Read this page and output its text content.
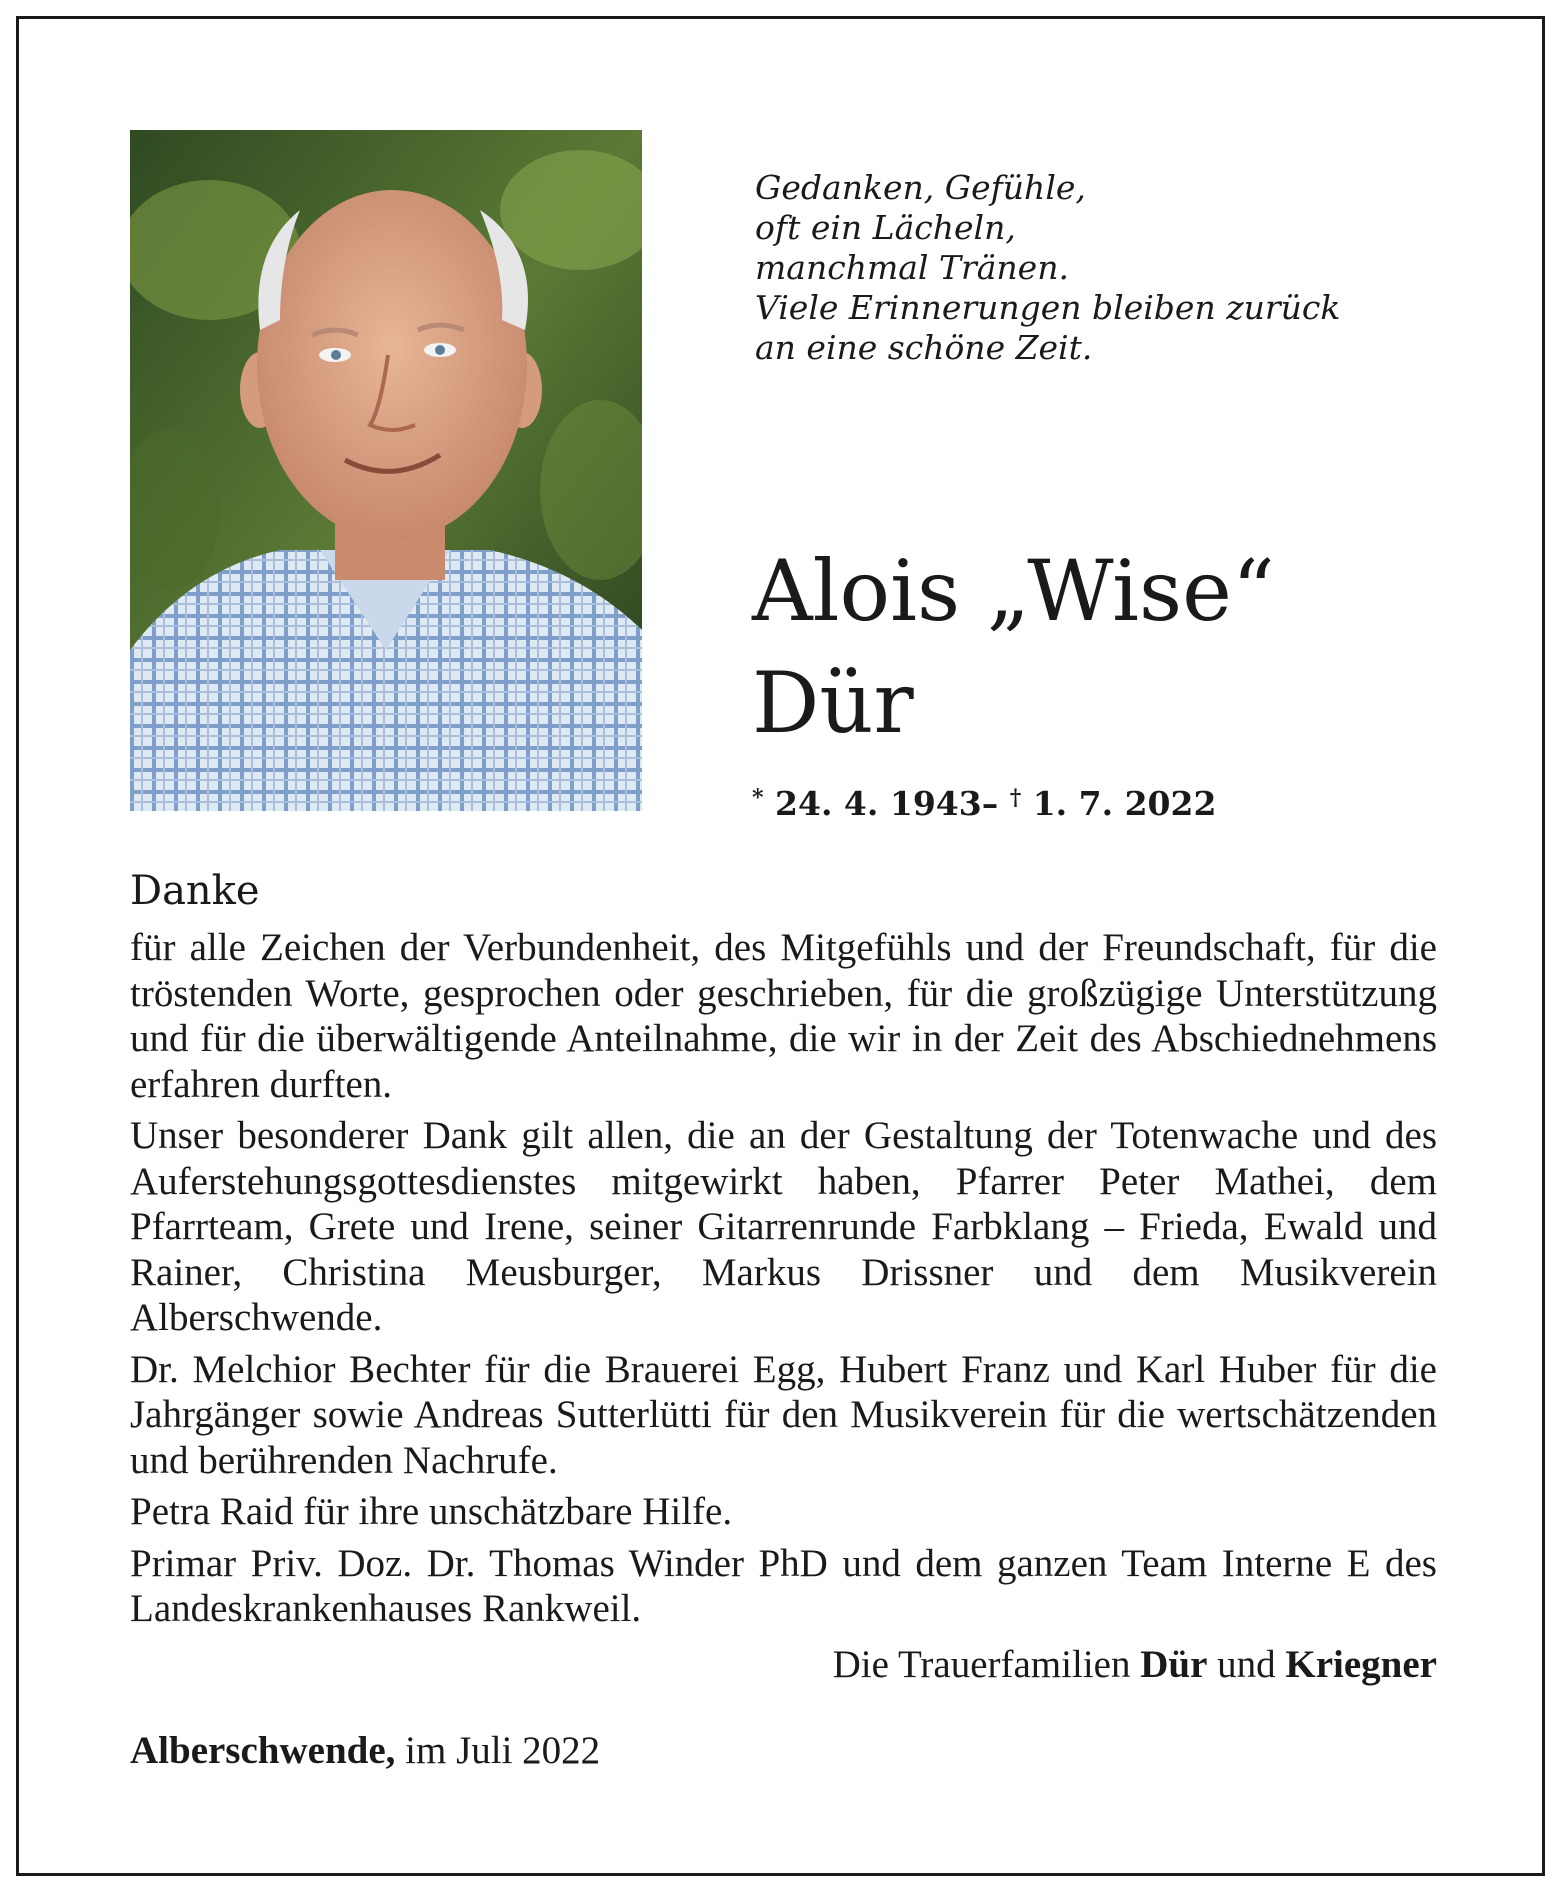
Gedanken, Gefühle,
oft ein Lächeln,
manchmal Tränen.
Viele Erinnerungen bleiben zurück
an eine schöne Zeit.
Alois „Wise“
Dür
* 24. 4. 1943– † 1. 7. 2022
Danke

für alle Zeichen der Verbundenheit, des Mitgefühls und der Freundschaft, für die tröstenden Worte, gesprochen oder geschrieben, für die großzügige Unterstützung und für die überwältigende Anteilnahme, die wir in der Zeit des Abschiednehmens erfahren durften.

Unser besonderer Dank gilt allen, die an der Gestaltung der Totenwache und des Auferstehungsgottesdienstes mitgewirkt haben, Pfarrer Peter Mathei, dem Pfarrteam, Grete und Irene, seiner Gitarrenrunde Farbklang – Frieda, Ewald und Rainer, Christina Meusburger, Markus Drissner und dem Musikverein Alberschwende.

Dr. Melchior Bechter für die Brauerei Egg, Hubert Franz und Karl Huber für die Jahrgänger sowie Andreas Sutterlütti für den Musikverein für die wertschätzenden und berührenden Nachrufe.

Petra Raid für ihre unschätzbare Hilfe.

Primar Priv. Doz. Dr. Thomas Winder PhD und dem ganzen Team Interne E des Landeskrankenhauses Rankweil.

Die Trauerfamilien Dür und Kriegner
Alberschwende, im Juli 2022
